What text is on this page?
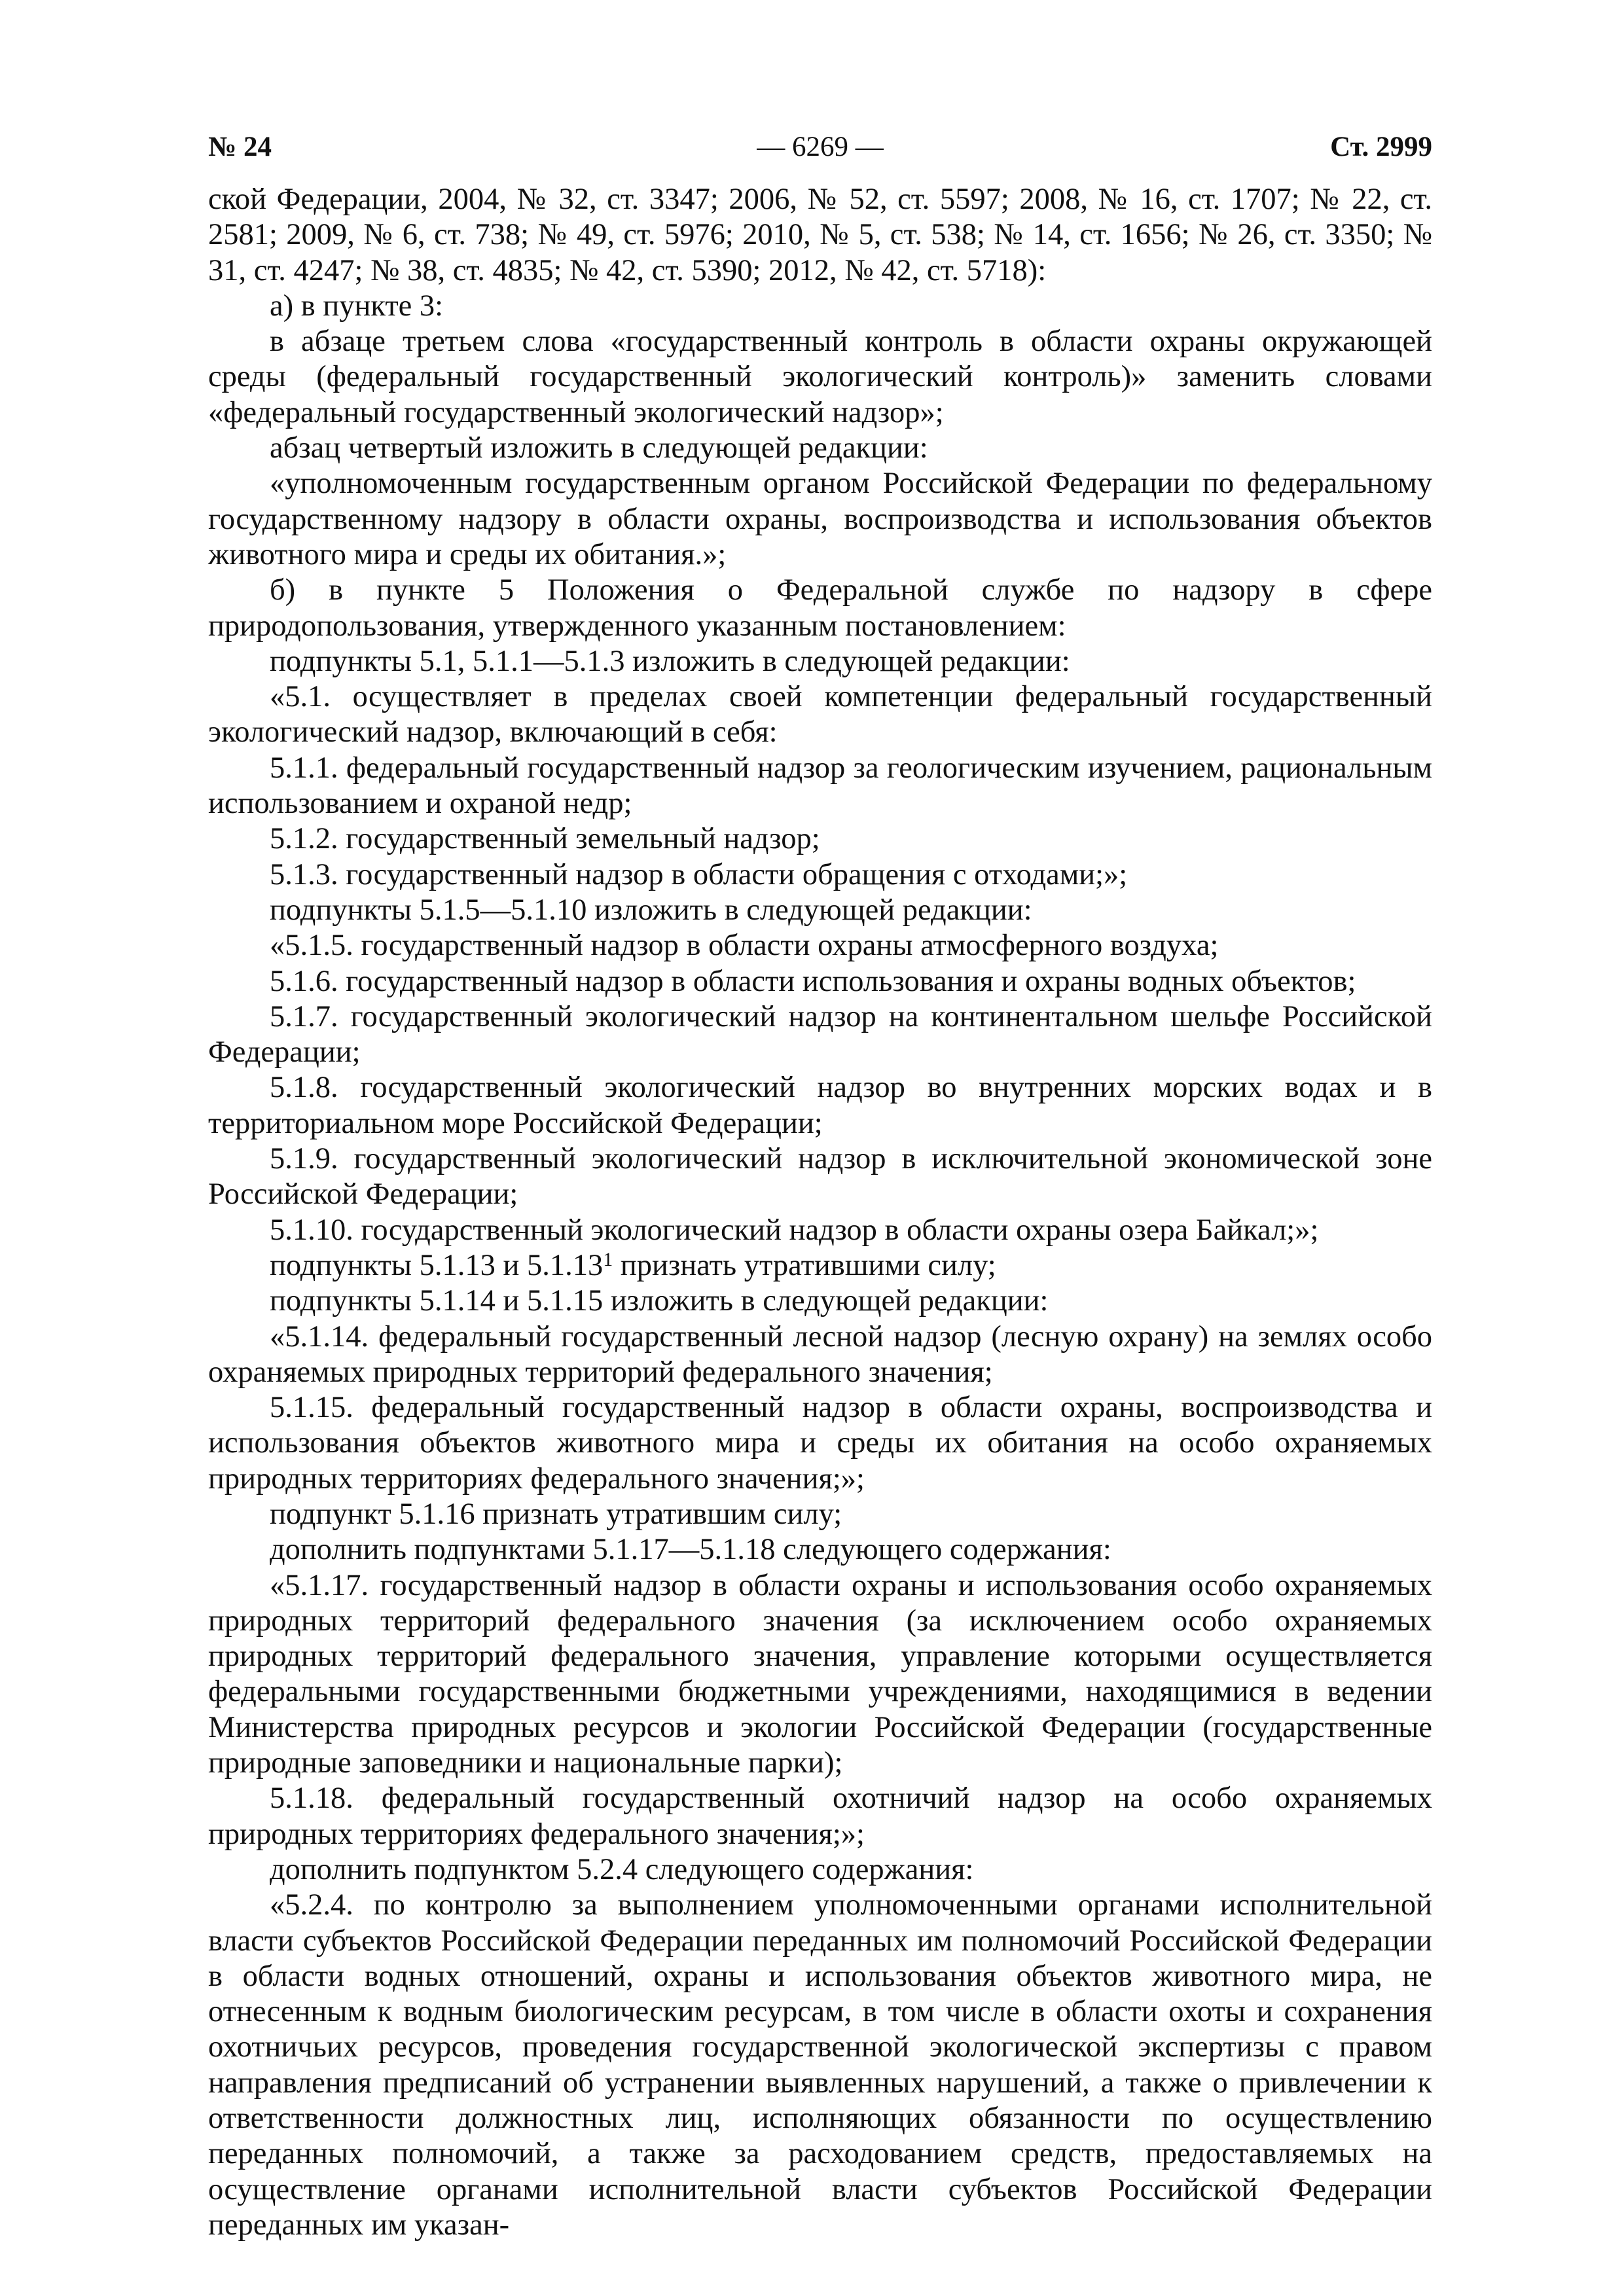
№ 24	— 6269 —	Ст. 2999

ской Федерации, 2004, № 32, ст. 3347; 2006, № 52, ст. 5597; 2008, № 16, ст. 1707; № 22, ст. 2581; 2009, № 6, ст. 738; № 49, ст. 5976; 2010, № 5, ст. 538; № 14, ст. 1656; № 26, ст. 3350; № 31, ст. 4247; № 38, ст. 4835; № 42, ст. 5390; 2012, № 42, ст. 5718):

а) в пункте 3:

в абзаце третьем слова «государственный контроль в области охраны окружающей среды (федеральный государственный экологический контроль)» заменить словами «федеральный государственный экологический надзор»;

абзац четвертый изложить в следующей редакции:

«уполномоченным государственным органом Российской Федерации по федеральному государственному надзору в области охраны, воспроизводства и использования объектов животного мира и среды их обитания.»;

б) в пункте 5 Положения о Федеральной службе по надзору в сфере природопользования, утвержденного указанным постановлением:

подпункты 5.1, 5.1.1—5.1.3 изложить в следующей редакции:

«5.1. осуществляет в пределах своей компетенции федеральный государственный экологический надзор, включающий в себя:

5.1.1. федеральный государственный надзор за геологическим изучением, рациональным использованием и охраной недр;

5.1.2. государственный земельный надзор;

5.1.3. государственный надзор в области обращения с отходами;»;

подпункты 5.1.5—5.1.10 изложить в следующей редакции:

«5.1.5. государственный надзор в области охраны атмосферного воздуха;

5.1.6. государственный надзор в области использования и охраны водных объектов;

5.1.7. государственный экологический надзор на континентальном шельфе Российской Федерации;

5.1.8. государственный экологический надзор во внутренних морских водах и в территориальном море Российской Федерации;

5.1.9. государственный экологический надзор в исключительной экономической зоне Российской Федерации;

5.1.10. государственный экологический надзор в области охраны озера Байкал;»;

подпункты 5.1.13 и 5.1.13$^1$ признать утратившими силу;

подпункты 5.1.14 и 5.1.15 изложить в следующей редакции:

«5.1.14. федеральный государственный лесной надзор (лесную охрану) на землях особо охраняемых природных территорий федерального значения;

5.1.15. федеральный государственный надзор в области охраны, воспроизводства и использования объектов животного мира и среды их обитания на особо охраняемых природных территориях федерального значения;»;

подпункт 5.1.16 признать утратившим силу;

дополнить подпунктами 5.1.17—5.1.18 следующего содержания:

«5.1.17. государственный надзор в области охраны и использования особо охраняемых природных территорий федерального значения (за исключением особо охраняемых природных территорий федерального значения, управление которыми осуществляется федеральными государственными бюджетными учреждениями, находящимися в ведении Министерства природных ресурсов и экологии Российской Федерации (государственные природные заповедники и национальные парки);

5.1.18. федеральный государственный охотничий надзор на особо охраняемых природных территориях федерального значения;»;

дополнить подпунктом 5.2.4 следующего содержания:

«5.2.4. по контролю за выполнением уполномоченными органами исполнительной власти субъектов Российской Федерации переданных им полномочий Российской Федерации в области водных отношений, охраны и использования объектов животного мира, не отнесенным к водным биологическим ресурсам, в том числе в области охоты и сохранения охотничьих ресурсов, проведения государственной экологической экспертизы с правом направления предписаний об устранении выявленных нарушений, а также о привлечении к ответственности должностных лиц, исполняющих обязанности по осуществлению переданных полномочий, а также за расходованием средств, предоставляемых на осуществление органами исполнительной власти субъектов Российской Федерации переданных им указан-
